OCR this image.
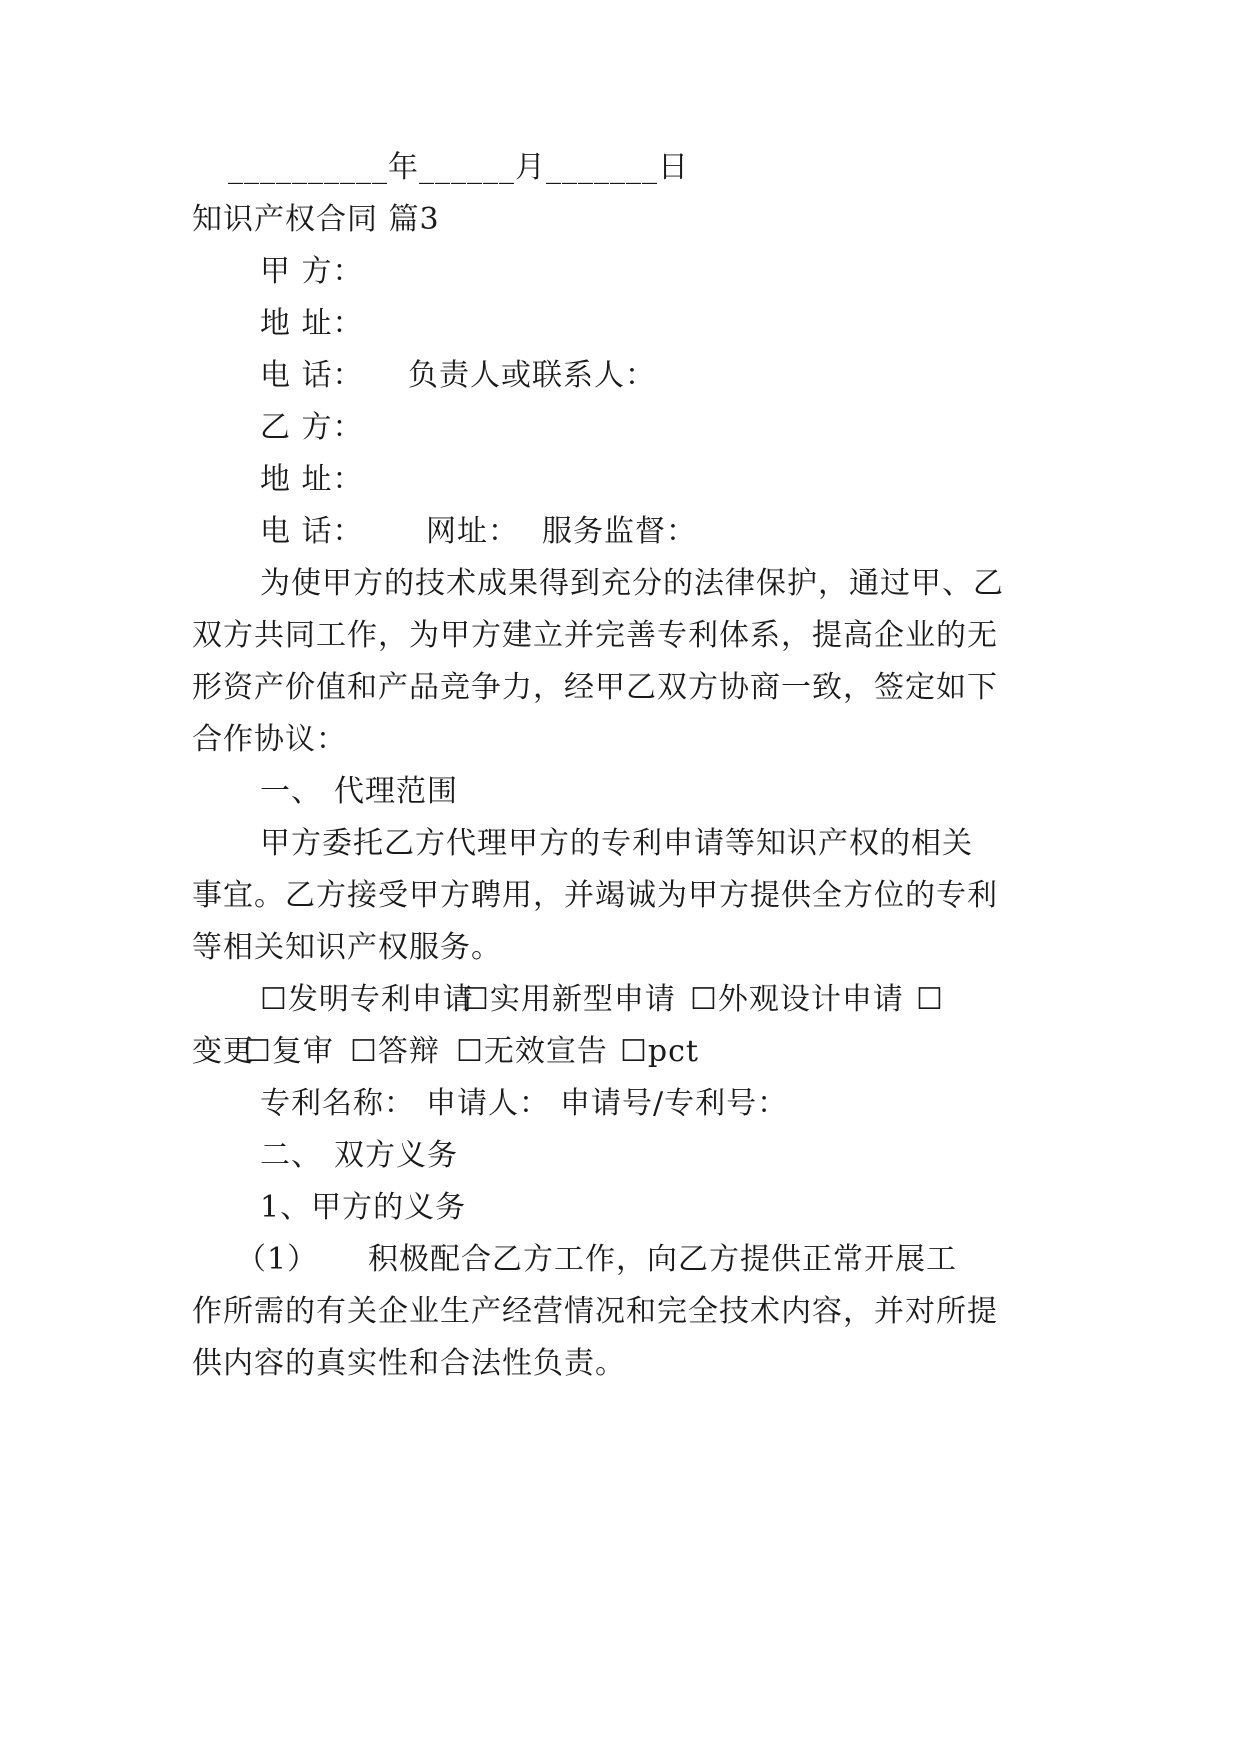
__________年______月_______日
知识产权合同 篇3
甲 方：
地 址：
电 话： 负责人或联系人：
乙 方：
地 址：
电 话： 网址： 服务监督：
为使甲方的技术成果得到充分的法律保护，通过甲、乙
双方共同工作，为甲方建立并完善专利体系，提高企业的无
形资产价值和产品竞争力，经甲乙双方协商一致，签定如下
合作协议：
一、 代理范围
甲方委托乙方代理甲方的专利申请等知识产权的相关
事宜。乙方接受甲方聘用，并竭诚为甲方提供全方位的专利
等相关知识产权服务。
☐发明专利申请
☐实用新型申请 ☐外观设计申请 ☐
变更
☐复审 ☐答辩 ☐无效宣告 ☐pct
专利名称： 申请人： 申请号/专利号：
二、 双方义务
1、甲方的义务
（1） 积极配合乙方工作，向乙方提供正常开展工
作所需的有关企业生产经营情况和完全技术内容，并对所提
供内容的真实性和合法性负责。
